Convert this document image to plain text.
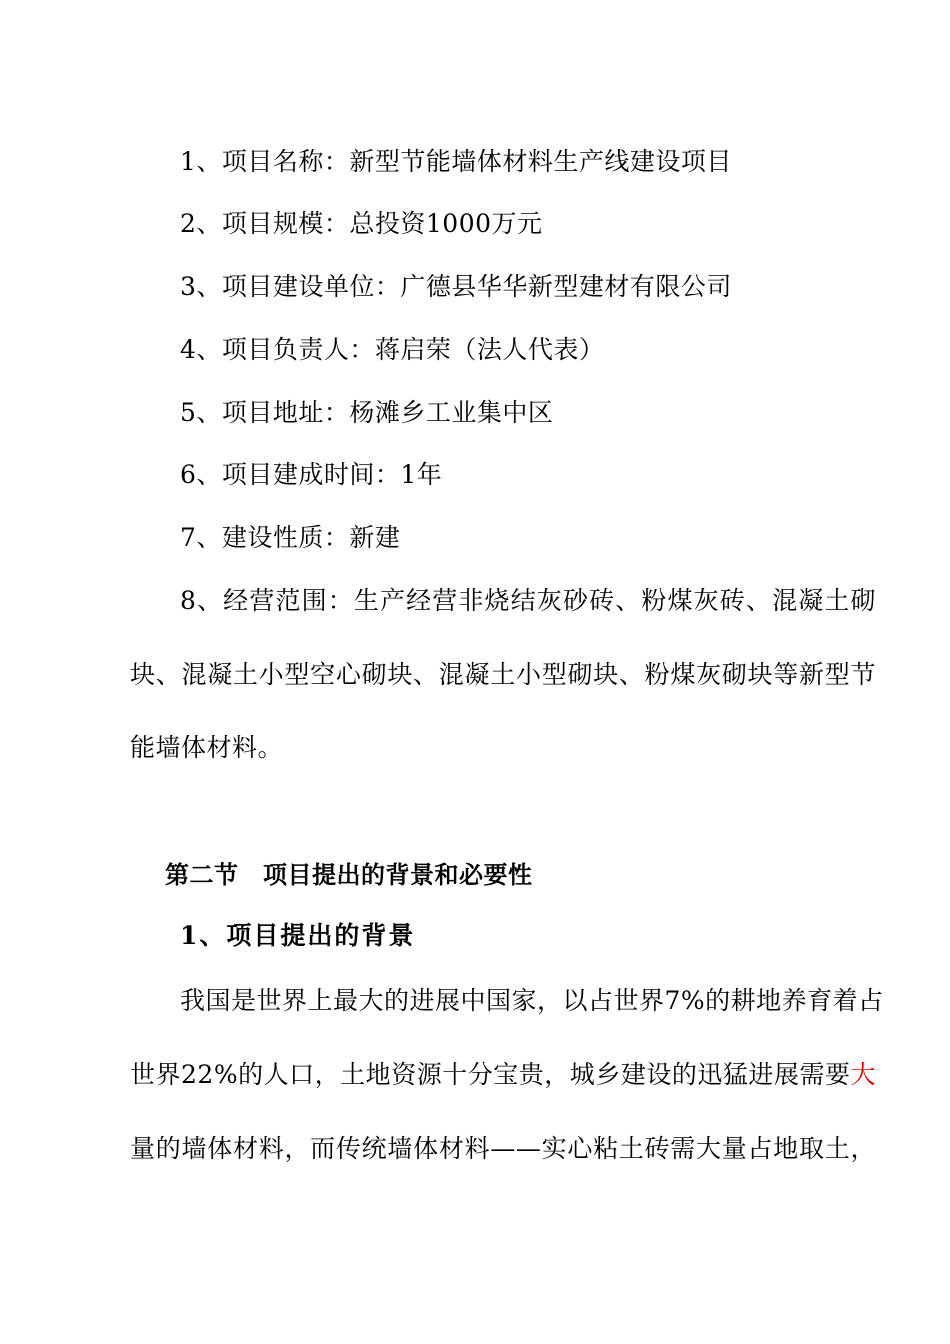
1、项目名称：新型节能墙体材料生产线建设项目
2、项目规模：总投资1000万元
3、项目建设单位：广德县华华新型建材有限公司
4、项目负责人：蒋启荣（法人代表）
5、项目地址：杨滩乡工业集中区
6、项目建成时间：1年
7、建设性质：新建
8、经营范围：生产经营非烧结灰砂砖、粉煤灰砖、混凝土砌
块、混凝土小型空心砌块、混凝土小型砌块、粉煤灰砌块等新型节
能墙体材料。
第二节　项目提出的背景和必要性
1、项目提出的背景
我国是世界上最大的进展中国家，以占世界7%的耕地养育着占
世界22%的人口，土地资源十分宝贵，城乡建设的迅猛进展需要大
量的墙体材料，而传统墙体材料——实心粘土砖需大量占地取土，
